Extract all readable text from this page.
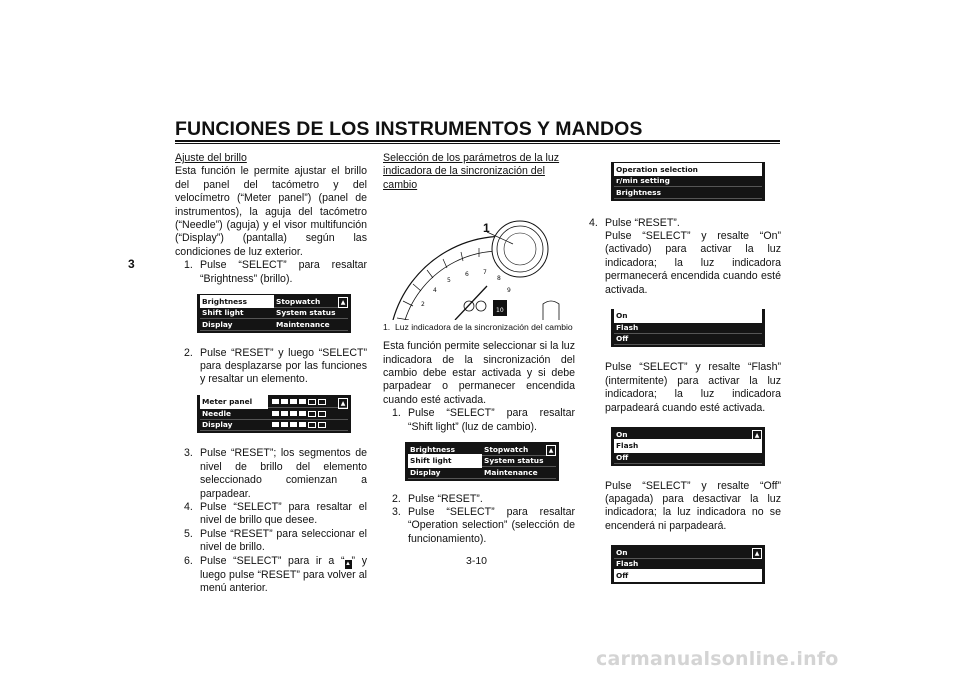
FUNCIONES DE LOS INSTRUMENTOS Y MANDOS
3
Ajuste del brillo
Esta función le permite ajustar el brillo del panel del tacómetro y del velocímetro (“Meter panel”) (panel de instrumentos), la aguja del tacómetro (“Needle”) (aguja) y el visor multifunción (“Display”) (pantalla) según las condiciones de luz exterior.
1. Pulse “SELECT” para resaltar “Brightness” (brillo).
Brightness	Stopwatch
Shift light	System status
Display	Maintenance
▲
2. Pulse “RESET” y luego “SELECT” para desplazarse por las funciones y resaltar un elemento.
Meter panel
Needle
Display
▲
3. Pulse “RESET”; los segmentos de nivel de brillo del elemento seleccionado comienzan a parpadear.
4. Pulse “SELECT” para resaltar el nivel de brillo que desee.
5. Pulse “RESET” para seleccionar el nivel de brillo.
6. Pulse “SELECT” para ir a “▲” y luego pulse “RESET” para volver al menú anterior.
Selección de los parámetros de la luz indicadora de la sincronización del cambio
2
4
5
6 7
8
9
10
1
1. Luz indicadora de la sincronización del cambio
Esta función permite seleccionar si la luz indicadora de la sincronización del cambio debe estar activada y si debe parpadear o permanecer encendida cuando esté activada.
1. Pulse “SELECT” para resaltar “Shift light” (luz de cambio).
Brightness	Stopwatch
Shift light	System status
Display	Maintenance
▲
2. Pulse “RESET”.
3. Pulse “SELECT” para resaltar “Operation selection” (selección de funcionamiento).
Operation selection
r/min setting
Brightness
▲
4. Pulse “RESET”.
Pulse “SELECT” y resalte “On” (activado) para activar la luz indicadora; la luz indicadora permanecerá encendida cuando esté activada.
On
Flash
Off
▲
Pulse “SELECT” y resalte “Flash” (intermitente) para activar la luz indicadora; la luz indicadora parpadeará cuando esté activada.
On
Flash
Off
▲
Pulse “SELECT” y resalte “Off” (apagada) para desactivar la luz indicadora; la luz indicadora no se encenderá ni parpadeará.
On
Flash
Off
▲
3-10
carmanualsonline.info
